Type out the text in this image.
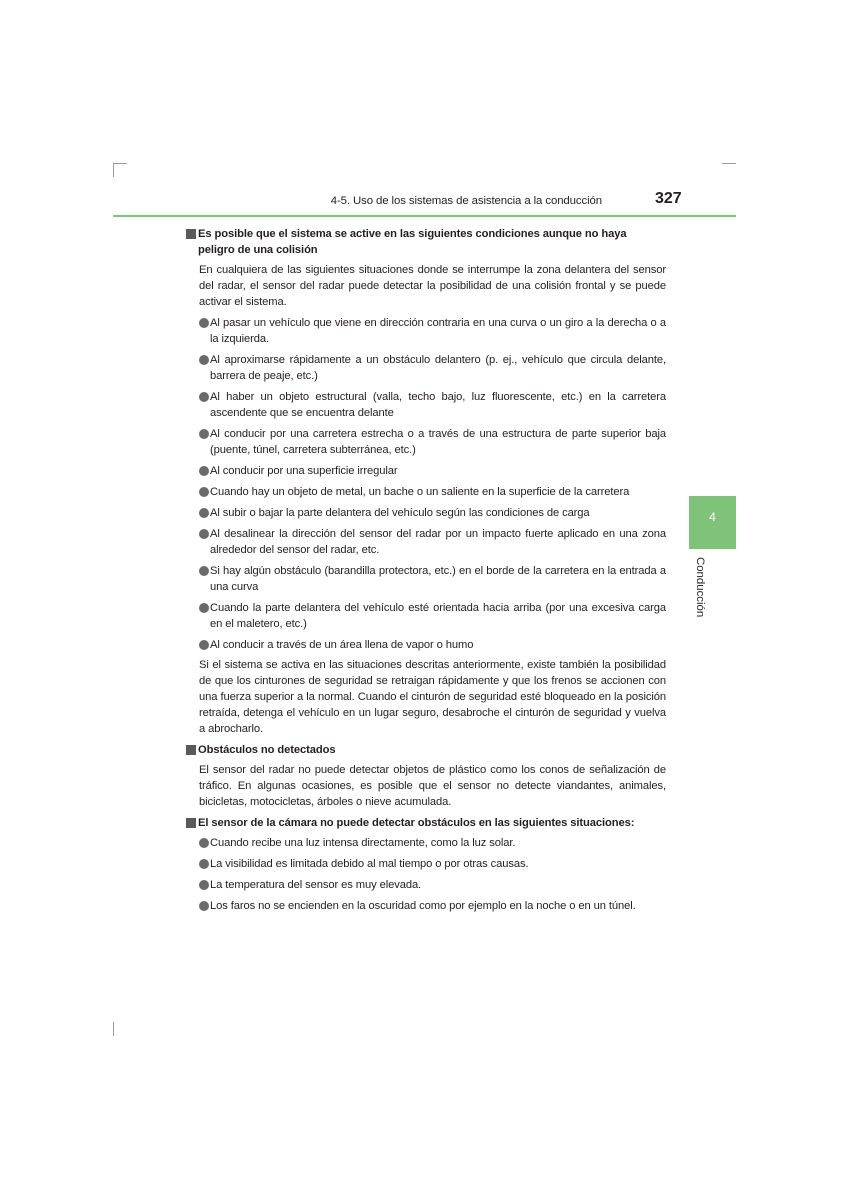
4-5. Uso de los sistemas de asistencia a la conducción	327
4
Conducción
Es posible que el sistema se active en las siguientes condiciones aunque no haya peligro de una colisión
En cualquiera de las siguientes situaciones donde se interrumpe la zona delantera del sensor del radar, el sensor del radar puede detectar la posibilidad de una colisión frontal y se puede activar el sistema.
Al pasar un vehículo que viene en dirección contraria en una curva o un giro a la derecha o a la izquierda.
Al aproximarse rápidamente a un obstáculo delantero (p. ej., vehículo que circula delante, barrera de peaje, etc.)
Al haber un objeto estructural (valla, techo bajo, luz fluorescente, etc.) en la carretera ascendente que se encuentra delante
Al conducir por una carretera estrecha o a través de una estructura de parte superior baja (puente, túnel, carretera subterránea, etc.)
Al conducir por una superficie irregular
Cuando hay un objeto de metal, un bache o un saliente en la superficie de la carretera
Al subir o bajar la parte delantera del vehículo según las condiciones de carga
Al desalinear la dirección del sensor del radar por un impacto fuerte aplicado en una zona alrededor del sensor del radar, etc.
Si hay algún obstáculo (barandilla protectora, etc.) en el borde de la carretera en la entrada a una curva
Cuando la parte delantera del vehículo esté orientada hacia arriba (por una excesiva carga en el maletero, etc.)
Al conducir a través de un área llena de vapor o humo
Si el sistema se activa en las situaciones descritas anteriormente, existe también la posibilidad de que los cinturones de seguridad se retraigan rápidamente y que los frenos se accionen con una fuerza superior a la normal. Cuando el cinturón de seguridad esté bloqueado en la posición retraída, detenga el vehículo en un lugar seguro, desabroche el cinturón de seguridad y vuelva a abrocharlo.
Obstáculos no detectados
El sensor del radar no puede detectar objetos de plástico como los conos de señalización de tráfico. En algunas ocasiones, es posible que el sensor no detecte viandantes, animales, bicicletas, motocicletas, árboles o nieve acumulada.
El sensor de la cámara no puede detectar obstáculos en las siguientes situaciones:
Cuando recibe una luz intensa directamente, como la luz solar.
La visibilidad es limitada debido al mal tiempo o por otras causas.
La temperatura del sensor es muy elevada.
Los faros no se encienden en la oscuridad como por ejemplo en la noche o en un túnel.
